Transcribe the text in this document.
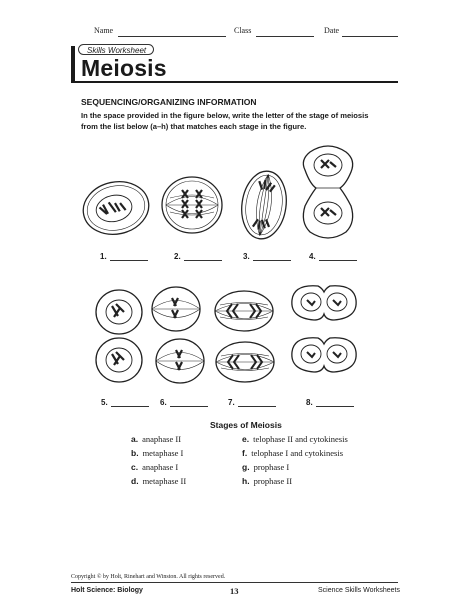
Name	Class	Date
Skills Worksheet
Meiosis
SEQUENCING/ORGANIZING INFORMATION
In the space provided in the figure below, write the letter of the stage of meiosis from the list below (a–h) that matches each stage in the figure.
1.	2.	3.	4.
5.	6.	7.	8.
Stages of Meiosis
a. anaphase II
b. metaphase I
c. anaphase I
d. metaphase II
e. telophase II and cytokinesis
f. telophase I and cytokinesis
g. prophase I
h. prophase II
Copyright © by Holt, Rinehart and Winston. All rights reserved.
Holt Science: Biology	13	Science Skills Worksheets
